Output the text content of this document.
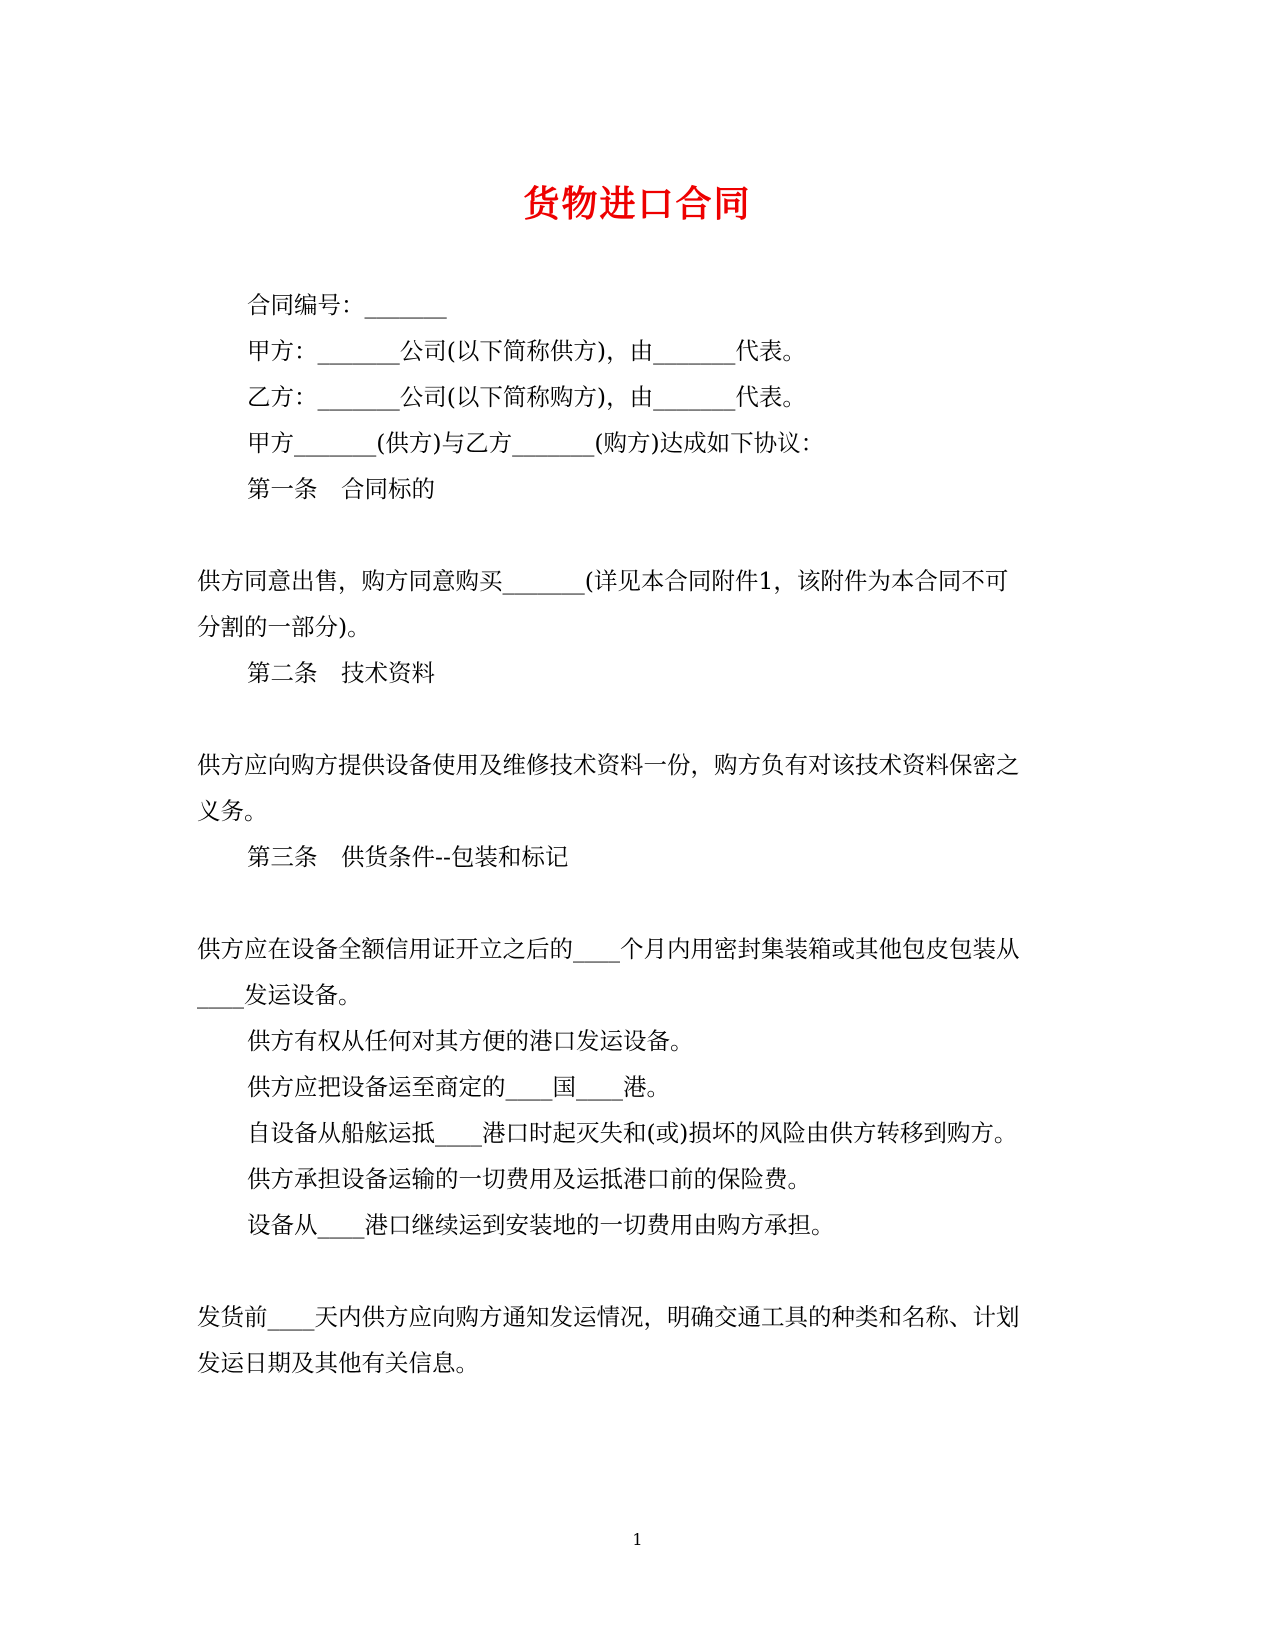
货物进口合同
合同编号：_______
甲方：_______公司(以下简称供方)，由_______代表。
乙方：_______公司(以下简称购方)，由_______代表。
甲方_______(供方)与乙方_______(购方)达成如下协议：
第一条　合同标的
供方同意出售，购方同意购买_______(详见本合同附件1，该附件为本合同不可
分割的一部分)。
第二条　技术资料
供方应向购方提供设备使用及维修技术资料一份，购方负有对该技术资料保密之
义务。
第三条　供货条件--包装和标记
供方应在设备全额信用证开立之后的____个月内用密封集装箱或其他包皮包装从
____发运设备。
供方有权从任何对其方便的港口发运设备。
供方应把设备运至商定的____国____港。
自设备从船舷运抵____港口时起灭失和(或)损坏的风险由供方转移到购方。
供方承担设备运输的一切费用及运抵港口前的保险费。
设备从____港口继续运到安装地的一切费用由购方承担。
发货前____天内供方应向购方通知发运情况，明确交通工具的种类和名称、计划
发运日期及其他有关信息。
1
